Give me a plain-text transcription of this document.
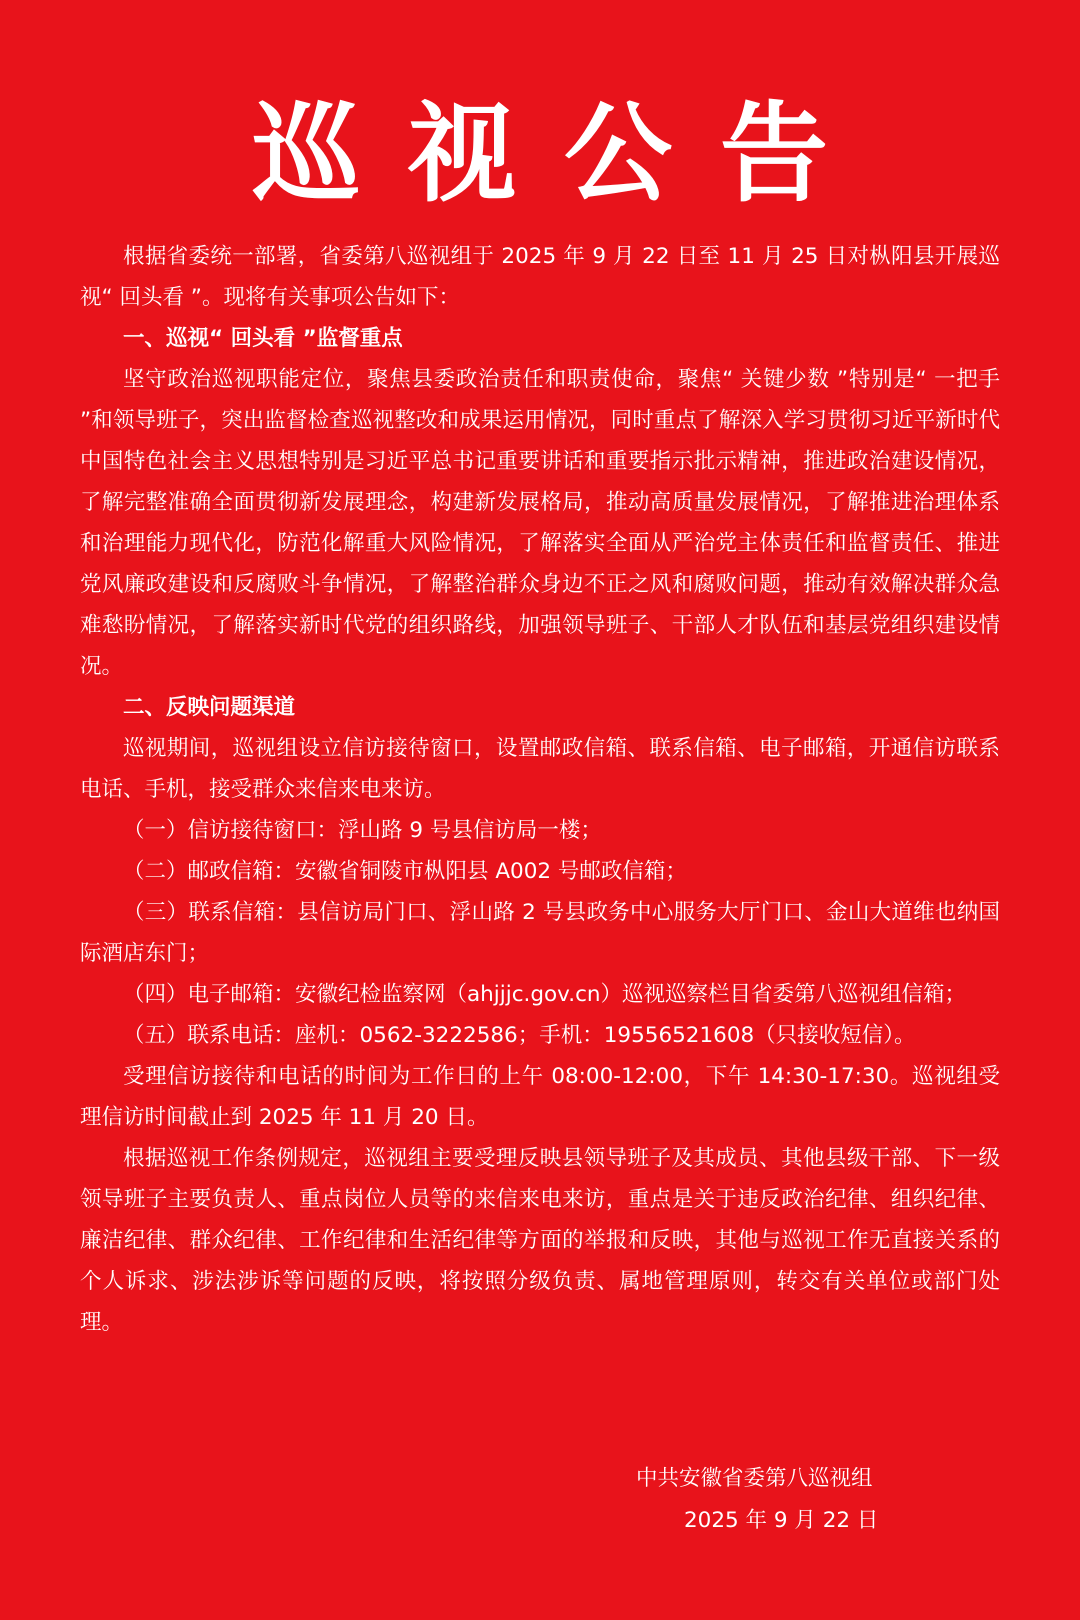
巡视公告

根据省委统一部署，省委第八巡视组于 2025 年 9 月 22 日至 11 月 25 日对枞阳县开展巡视“ 回头看 ”。现将有关事项公告如下：

一、巡视“ 回头看 ”监督重点

坚守政治巡视职能定位，聚焦县委政治责任和职责使命，聚焦“ 关键少数 ”特别是“ 一把手 ”和领导班子，突出监督检查巡视整改和成果运用情况，同时重点了解深入学习贯彻习近平新时代中国特色社会主义思想特别是习近平总书记重要讲话和重要指示批示精神，推进政治建设情况，了解完整准确全面贯彻新发展理念，构建新发展格局，推动高质量发展情况，了解推进治理体系和治理能力现代化，防范化解重大风险情况，了解落实全面从严治党主体责任和监督责任、推进党风廉政建设和反腐败斗争情况，了解整治群众身边不正之风和腐败问题，推动有效解决群众急难愁盼情况，了解落实新时代党的组织路线，加强领导班子、干部人才队伍和基层党组织建设情况。

二、反映问题渠道

巡视期间，巡视组设立信访接待窗口，设置邮政信箱、联系信箱、电子邮箱，开通信访联系电话、手机，接受群众来信来电来访。

（一）信访接待窗口：浮山路 9 号县信访局一楼；

（二）邮政信箱：安徽省铜陵市枞阳县 A002 号邮政信箱；

（三）联系信箱：县信访局门口、浮山路 2 号县政务中心服务大厅门口、金山大道维也纳国际酒店东门；

（四）电子邮箱：安徽纪检监察网（ahjjjc.gov.cn）巡视巡察栏目省委第八巡视组信箱；

（五）联系电话：座机：0562-3222586；手机：19556521608（只接收短信）。

受理信访接待和电话的时间为工作日的上午 08:00-12:00，下午 14:30-17:30。巡视组受理信访时间截止到 2025 年 11 月 20 日。

根据巡视工作条例规定，巡视组主要受理反映县领导班子及其成员、其他县级干部、下一级领导班子主要负责人、重点岗位人员等的来信来电来访，重点是关于违反政治纪律、组织纪律、廉洁纪律、群众纪律、工作纪律和生活纪律等方面的举报和反映，其他与巡视工作无直接关系的个人诉求、涉法涉诉等问题的反映，将按照分级负责、属地管理原则，转交有关单位或部门处理。

中共安徽省委第八巡视组
2025 年 9 月 22 日
